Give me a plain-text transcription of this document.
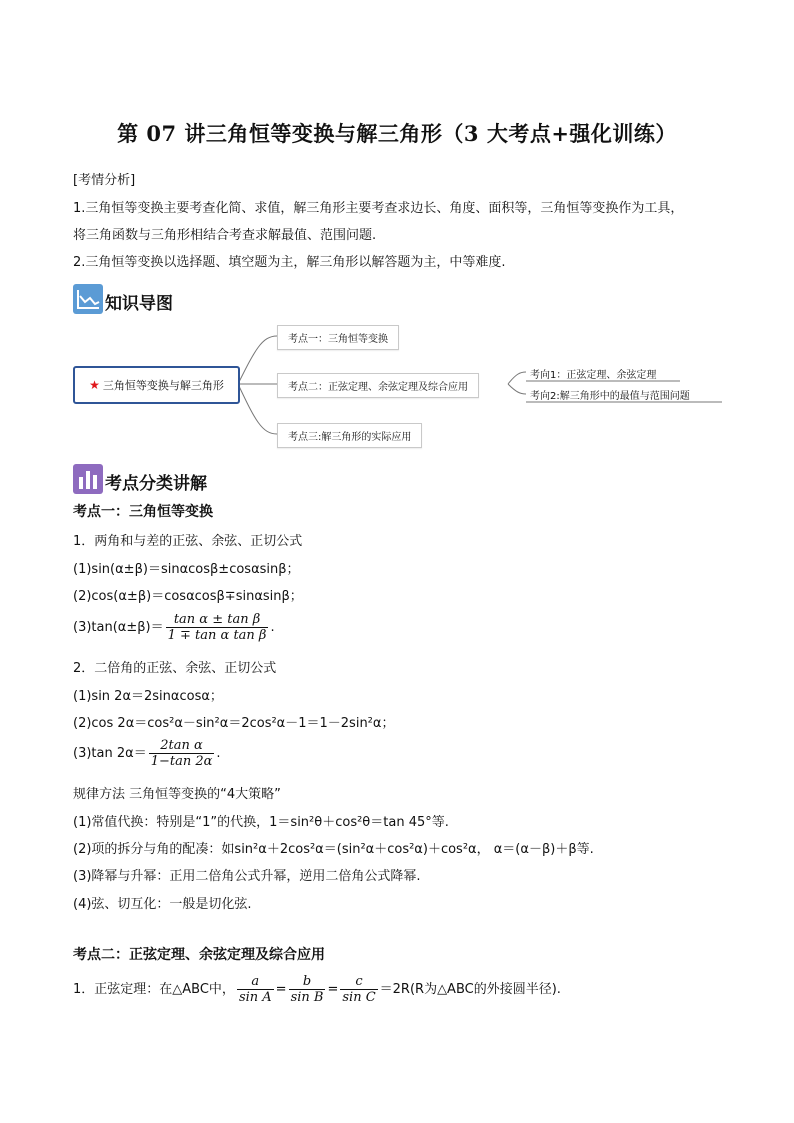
第 07 讲三角恒等变换与解三角形（3 大考点+强化训练）
[考情分析]
1.三角恒等变换主要考查化简、求值，解三角形主要考查求边长、角度、面积等，三角恒等变换作为工具，
将三角函数与三角形相结合考查求解最值、范围问题.
2.三角恒等变换以选择题、填空题为主，解三角形以解答题为主，中等难度.
知识导图
★ 三角恒等变换与解三角形
考点一：三角恒等变换
考点二：正弦定理、余弦定理及综合应用
考点三:解三角形的实际应用
考向1：正弦定理、余弦定理
考向2:解三角形中的最值与范围问题
考点分类讲解
考点一：三角恒等变换
1．两角和与差的正弦、余弦、正切公式
(1)sin(α±β)＝sinαcosβ±cosαsinβ；
(2)cos(α±β)＝cosαcosβ∓sinαsinβ；
$(3)\tan(\alpha\pm\beta)= \frac{\text{tan α ± tan β}}{\text{1 ∓ tan α tan β}}$ .
2．二倍角的正弦、余弦、正切公式
(1)sin 2α＝2sinαcosα；
(2)cos 2α＝cos²α－sin²α＝2cos²α－1＝1－2sin²α；
(3)tan $2\alpha= \frac{\text{2tan α}}{1-\tan 2\alpha}$ .
规律方法 三角恒等变换的“4大策略”
(1)常值代换：特别是“1”的代换，1＝sin²θ＋cos²θ＝tan 45°等.
(2)项的拆分与角的配凑：如sin²α＋2cos²α＝(sin²α＋cos²α)＋cos²α， α＝(α－β)＋β等.
(3)降幂与升幂：正用二倍角公式升幂，逆用二倍角公式降幂.
(4)弦、切互化：一般是切化弦.
考点二：正弦定理、余弦定理及综合应用
1．正弦定理：在△ABC中， $\frac{a}{\text{sin A}} = \frac{b}{\text{sin B}} = \frac{c}{\text{sin C}} =2R(R$为△ABC的外接圆半径).
